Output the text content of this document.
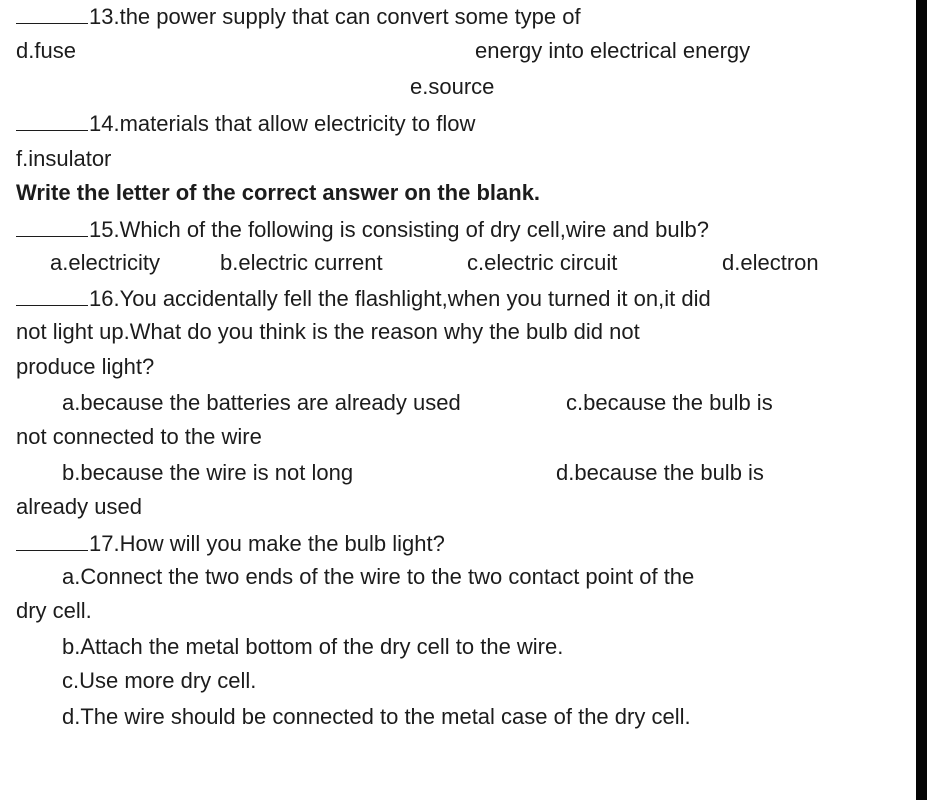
13.the power supply that can convert some type of
d.fuse	energy into electrical energy
e.source
14.materials that allow electricity to flow
f.insulator
Write the letter of the correct answer on the blank.
15.Which of the following is consisting of dry cell,wire and bulb?
a.electricity	b.electric current	c.electric circuit	d.electron
16.You accidentally fell the flashlight,when you turned it on,it did
not light up.What do you think is the reason why the bulb did not
produce light?
a.because the batteries are already used	c.because the bulb is
not connected to the wire
b.because the wire is not long	d.because the bulb is
already used
17.How will you make the bulb light?
a.Connect the two ends of the wire to the two contact point of the
dry cell.
b.Attach the metal bottom of the dry cell to the wire.
c.Use more dry cell.
d.The wire should be connected to the metal case of the dry cell.
